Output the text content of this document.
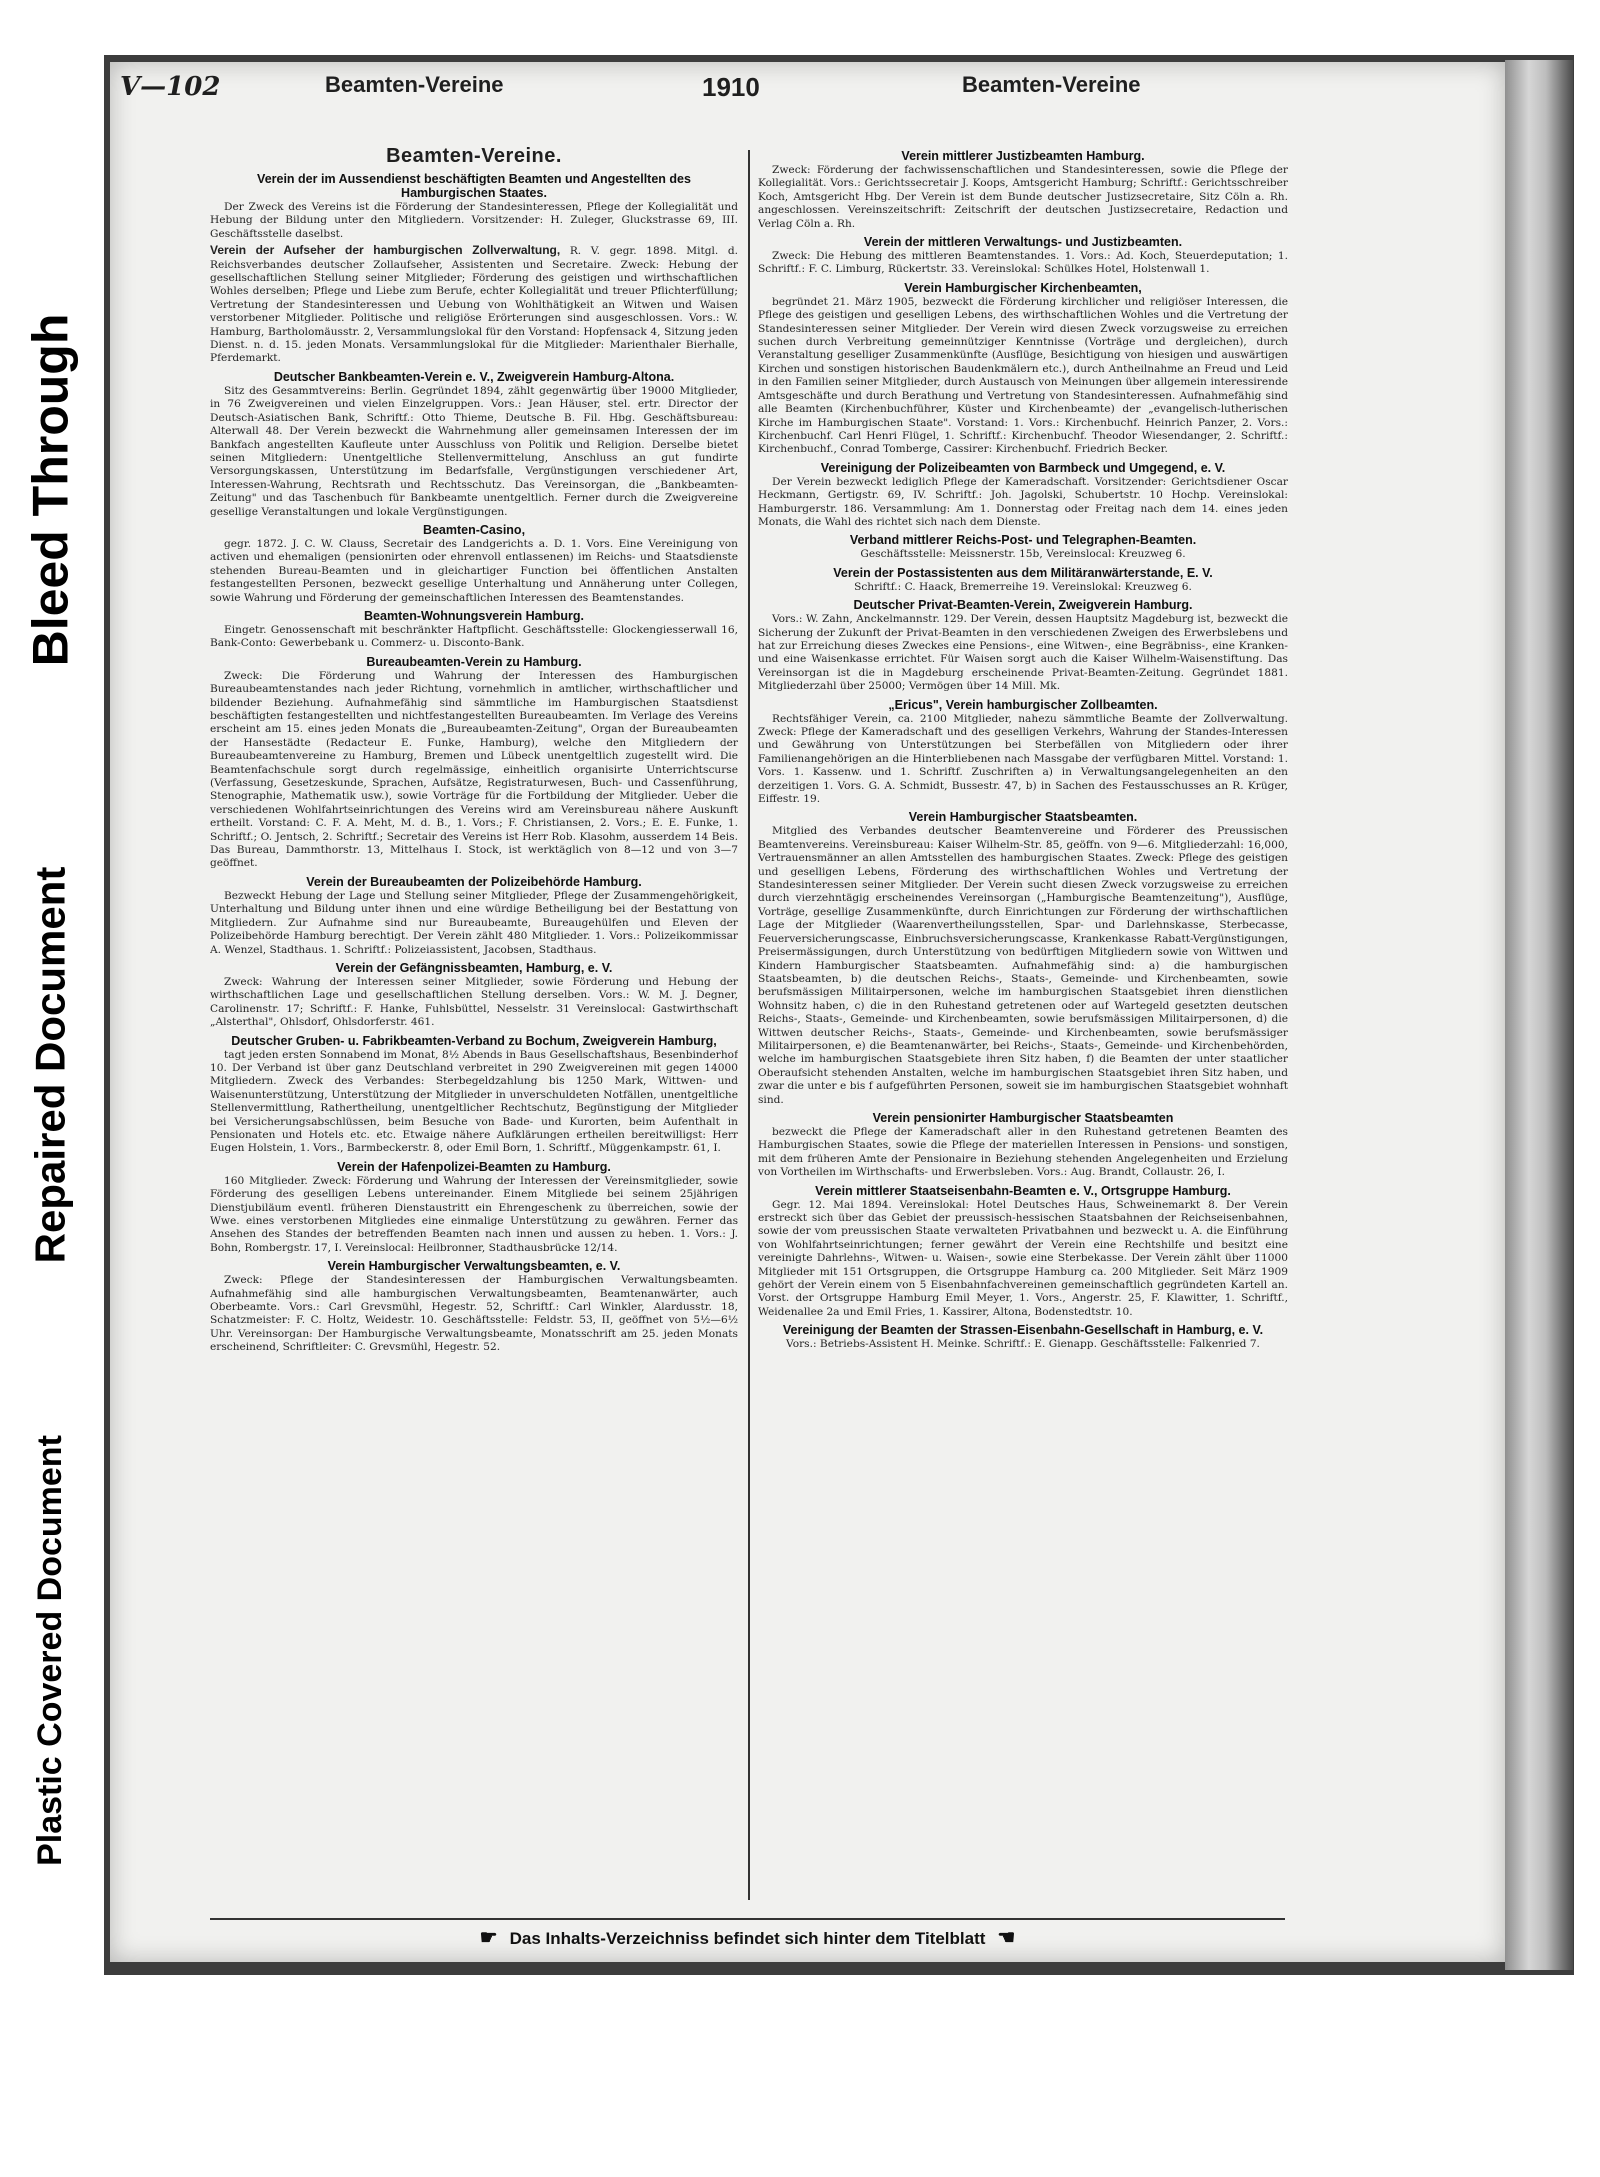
Bleed Through
Repaired Document
Plastic Covered Document
V—102	Beamten-Vereine	1910	Beamten-Vereine
Beamten-Vereine.
Verein der im Aussendienst beschäftigten Beamten und Angestellten des Hamburgischen Staates.

Der Zweck des Vereins ist die Förderung der Standesinteressen, Pflege der Kollegialität und Hebung der Bildung unter den Mitgliedern. Vorsitzender: H. Zuleger, Gluckstrasse 69, III. Geschäftsstelle daselbst.

Verein der Aufseher der hamburgischen Zollverwaltung, R. V. gegr. 1898. Mitgl. d. Reichsverbandes deutscher Zollaufseher, Assistenten und Secretaire. Zweck: Hebung der gesellschaftlichen Stellung seiner Mitglieder; Förderung des geistigen und wirthschaftlichen Wohles derselben; Pflege und Liebe zum Berufe, echter Kollegialität und treuer Pflichterfüllung; Vertretung der Standesinteressen und Uebung von Wohlthätigkeit an Witwen und Waisen verstorbener Mitglieder. Politische und religiöse Erörterungen sind ausgeschlossen. Vors.: W. Hamburg, Bartholomäusstr. 2, Versammlungslokal für den Vorstand: Hopfensack 4, Sitzung jeden Dienst. n. d. 15. jeden Monats. Versammlungslokal für die Mitglieder: Marienthaler Bierhalle, Pferdemarkt.

Deutscher Bankbeamten-Verein e. V., Zweigverein Hamburg-Altona.

Sitz des Gesammtvereins: Berlin. Gegründet 1894, zählt gegenwärtig über 19000 Mitglieder, in 76 Zweigvereinen und vielen Einzelgruppen. Vors.: Jean Häuser, stel. ertr. Director der Deutsch-Asiatischen Bank, Schriftf.: Otto Thieme, Deutsche B. Fil. Hbg. Geschäftsbureau: Alterwall 48. Der Verein bezweckt die Wahrnehmung aller gemeinsamen Interessen der im Bankfach angestellten Kaufleute unter Ausschluss von Politik und Religion. Derselbe bietet seinen Mitgliedern: Unentgeltliche Stellenvermittelung, Anschluss an gut fundirte Versorgungskassen, Unterstützung im Bedarfsfalle, Vergünstigungen verschiedener Art, Interessen-Wahrung, Rechtsrath und Rechtsschutz. Das Vereinsorgan, die „Bankbeamten-Zeitung" und das Taschenbuch für Bankbeamte unentgeltlich. Ferner durch die Zweigvereine gesellige Veranstaltungen und lokale Vergünstigungen.

Beamten-Casino,

gegr. 1872. J. C. W. Clauss, Secretair des Landgerichts a. D. 1. Vors. Eine Vereinigung von activen und ehemaligen (pensionirten oder ehrenvoll entlassenen) im Reichs- und Staatsdienste stehenden Bureau-Beamten und in gleichartiger Function bei öffentlichen Anstalten festangestellten Personen, bezweckt gesellige Unterhaltung und Annäherung unter Collegen, sowie Wahrung und Förderung der gemeinschaftlichen Interessen des Beamtenstandes.

Beamten-Wohnungsverein Hamburg.

Eingetr. Genossenschaft mit beschränkter Haftpflicht. Geschäftsstelle: Glockengiesserwall 16, Bank-Conto: Gewerbebank u. Commerz- u. Disconto-Bank.

Bureaubeamten-Verein zu Hamburg.

Zweck: Die Förderung und Wahrung der Interessen des Hamburgischen Bureaubeamtenstandes nach jeder Richtung, vornehmlich in amtlicher, wirthschaftlicher und bildender Beziehung. Aufnahmefähig sind sämmtliche im Hamburgischen Staatsdienst beschäftigten festangestellten und nichtfestangestellten Bureaubeamten. Im Verlage des Vereins erscheint am 15. eines jeden Monats die „Bureaubeamten-Zeitung", Organ der Bureaubeamten der Hansestädte (Redacteur E. Funke, Hamburg), welche den Mitgliedern der Bureaubeamtenvereine zu Hamburg, Bremen und Lübeck unentgeltlich zugestellt wird. Die Beamtenfachschule sorgt durch regelmässige, einheitlich organisirte Unterrichtscurse (Verfassung, Gesetzeskunde, Sprachen, Aufsätze, Registraturwesen, Buch- und Cassenführung, Stenographie, Mathematik usw.), sowie Vorträge für die Fortbildung der Mitglieder. Ueber die verschiedenen Wohlfahrtseinrichtungen des Vereins wird am Vereinsbureau nähere Auskunft ertheilt. Vorstand: C. F. A. Meht, M. d. B., 1. Vors.; F. Christiansen, 2. Vors.; E. E. Funke, 1. Schriftf.; O. Jentsch, 2. Schriftf.; Secretair des Vereins ist Herr Rob. Klasohm, ausserdem 14 Beis. Das Bureau, Dammthorstr. 13, Mittelhaus I. Stock, ist werktäglich von 8—12 und von 3—7 geöffnet.

Verein der Bureaubeamten der Polizeibehörde Hamburg.

Bezweckt Hebung der Lage und Stellung seiner Mitglieder, Pflege der Zusammengehörigkeit, Unterhaltung und Bildung unter ihnen und eine würdige Betheiligung bei der Bestattung von Mitgliedern. Zur Aufnahme sind nur Bureaubeamte, Bureaugehülfen und Eleven der Polizeibehörde Hamburg berechtigt. Der Verein zählt 480 Mitglieder. 1. Vors.: Polizeikommissar A. Wenzel, Stadthaus. 1. Schriftf.: Polizeiassistent, Jacobsen, Stadthaus.

Verein der Gefängnissbeamten, Hamburg, e. V.

Zweck: Wahrung der Interessen seiner Mitglieder, sowie Förderung und Hebung der wirthschaftlichen Lage und gesellschaftlichen Stellung derselben. Vors.: W. M. J. Degner, Carolinenstr. 17; Schriftf.: F. Hanke, Fuhlsbüttel, Nesselstr. 31 Vereinslocal: Gastwirthschaft „Alsterthal", Ohlsdorf, Ohlsdorferstr. 461.

Deutscher Gruben- u. Fabrikbeamten-Verband zu Bochum, Zweigverein Hamburg,

tagt jeden ersten Sonnabend im Monat, 8½ Abends in Baus Gesellschaftshaus, Besenbinderhof 10. Der Verband ist über ganz Deutschland verbreitet in 290 Zweigvereinen mit gegen 14000 Mitgliedern. Zweck des Verbandes: Sterbegeldzahlung bis 1250 Mark, Wittwen- und Waisenunterstützung, Unterstützung der Mitglieder in unverschuldeten Notfällen, unentgeltliche Stellenvermittlung, Rathertheilung, unentgeltlicher Rechtschutz, Begünstigung der Mitglieder bei Versicherungsabschlüssen, beim Besuche von Bade- und Kurorten, beim Aufenthalt in Pensionaten und Hotels etc. etc. Etwaige nähere Aufklärungen ertheilen bereitwilligst: Herr Eugen Holstein, 1. Vors., Barmbeckerstr. 8, oder Emil Born, 1. Schriftf., Müggenkampstr. 61, I.

Verein der Hafenpolizei-Beamten zu Hamburg.

160 Mitglieder. Zweck: Förderung und Wahrung der Interessen der Vereinsmitglieder, sowie Förderung des geselligen Lebens untereinander. Einem Mitgliede bei seinem 25jährigen Dienstjubiläum eventl. früheren Dienstaustritt ein Ehrengeschenk zu überreichen, sowie der Wwe. eines verstorbenen Mitgliedes eine einmalige Unterstützung zu gewähren. Ferner das Ansehen des Standes der betreffenden Beamten nach innen und aussen zu heben. 1. Vors.: J. Bohn, Rombergstr. 17, I. Vereinslocal: Heilbronner, Stadthausbrücke 12/14.

Verein Hamburgischer Verwaltungsbeamten, e. V.

Zweck: Pflege der Standesinteressen der Hamburgischen Verwaltungsbeamten. Aufnahmefähig sind alle hamburgischen Verwaltungsbeamten, Beamtenanwärter, auch Oberbeamte. Vors.: Carl Grevsmühl, Hegestr. 52, Schriftf.: Carl Winkler, Alardusstr. 18, Schatzmeister: F. C. Holtz, Weidestr. 10. Geschäftsstelle: Feldstr. 53, II, geöffnet von 5½—6½ Uhr. Vereinsorgan: Der Hamburgische Verwaltungsbeamte, Monatsschrift am 25. jeden Monats erscheinend, Schriftleiter: C. Grevsmühl, Hegestr. 52.

Verein mittlerer Justizbeamten Hamburg.

Zweck: Förderung der fachwissenschaftlichen und Standesinteressen, sowie die Pflege der Kollegialität. Vors.: Gerichtssecretair J. Koops, Amtsgericht Hamburg; Schriftf.: Gerichtsschreiber Koch, Amtsgericht Hbg. Der Verein ist dem Bunde deutscher Justizsecretaire, Sitz Cöln a. Rh. angeschlossen. Vereinszeitschrift: Zeitschrift der deutschen Justizsecretaire, Redaction und Verlag Cöln a. Rh.

Verein der mittleren Verwaltungs- und Justizbeamten.

Zweck: Die Hebung des mittleren Beamtenstandes. 1. Vors.: Ad. Koch, Steuerdeputation; 1. Schriftf.: F. C. Limburg, Rückertstr. 33. Vereinslokal: Schülkes Hotel, Holstenwall 1.

Verein Hamburgischer Kirchenbeamten,

begründet 21. März 1905, bezweckt die Förderung kirchlicher und religiöser Interessen, die Pflege des geistigen und geselligen Lebens, des wirthschaftlichen Wohles und die Vertretung der Standesinteressen seiner Mitglieder. Der Verein wird diesen Zweck vorzugsweise zu erreichen suchen durch Verbreitung gemeinnütziger Kenntnisse (Vorträge und dergleichen), durch Veranstaltung geselliger Zusammenkünfte (Ausflüge, Besichtigung von hiesigen und auswärtigen Kirchen und sonstigen historischen Baudenkmälern etc.), durch Antheilnahme an Freud und Leid in den Familien seiner Mitglieder, durch Austausch von Meinungen über allgemein interessirende Amtsgeschäfte und durch Berathung und Vertretung von Standesinteressen. Aufnahmefähig sind alle Beamten (Kirchenbuchführer, Küster und Kirchenbeamte) der „evangelisch-lutherischen Kirche im Hamburgischen Staate". Vorstand: 1. Vors.: Kirchenbuchf. Heinrich Panzer, 2. Vors.: Kirchenbuchf. Carl Henri Flügel, 1. Schriftf.: Kirchenbuchf. Theodor Wiesendanger, 2. Schriftf.: Kirchenbuchf., Conrad Tomberge, Cassirer: Kirchenbuchf. Friedrich Becker.

Vereinigung der Polizeibeamten von Barmbeck und Umgegend, e. V.

Der Verein bezweckt lediglich Pflege der Kameradschaft. Vorsitzender: Gerichtsdiener Oscar Heckmann, Gertigstr. 69, IV. Schriftf.: Joh. Jagolski, Schubertstr. 10 Hochp. Vereinslokal: Hamburgerstr. 186. Versammlung: Am 1. Donnerstag oder Freitag nach dem 14. eines jeden Monats, die Wahl des richtet sich nach dem Dienste.

Verband mittlerer Reichs-Post- und Telegraphen-Beamten.

Geschäftsstelle: Meissnerstr. 15b, Vereinslocal: Kreuzweg 6.

Verein der Postassistenten aus dem Militäranwärterstande, E. V.

Schriftf.: C. Haack, Bremerreihe 19. Vereinslokal: Kreuzweg 6.

Deutscher Privat-Beamten-Verein, Zweigverein Hamburg.

Vors.: W. Zahn, Anckelmannstr. 129. Der Verein, dessen Hauptsitz Magdeburg ist, bezweckt die Sicherung der Zukunft der Privat-Beamten in den verschiedenen Zweigen des Erwerbslebens und hat zur Erreichung dieses Zweckes eine Pensions-, eine Witwen-, eine Begräbniss-, eine Kranken- und eine Waisenkasse errichtet. Für Waisen sorgt auch die Kaiser Wilhelm-Waisenstiftung. Das Vereinsorgan ist die in Magdeburg erscheinende Privat-Beamten-Zeitung. Gegründet 1881. Mitgliederzahl über 25000; Vermögen über 14 Mill. Mk.

„Ericus", Verein hamburgischer Zollbeamten.

Rechtsfähiger Verein, ca. 2100 Mitglieder, nahezu sämmtliche Beamte der Zollverwaltung. Zweck: Pflege der Kameradschaft und des geselligen Verkehrs, Wahrung der Standes-Interessen und Gewährung von Unterstützungen bei Sterbefällen von Mitgliedern oder ihrer Familienangehörigen an die Hinterbliebenen nach Massgabe der verfügbaren Mittel. Vorstand: 1. Vors. 1. Kassenw. und 1. Schriftf. Zuschriften a) in Verwaltungsangelegenheiten an den derzeitigen 1. Vors. G. A. Schmidt, Bussestr. 47, b) in Sachen des Festausschusses an R. Krüger, Eiffestr. 19.

Verein Hamburgischer Staatsbeamten.

Mitglied des Verbandes deutscher Beamtenvereine und Förderer des Preussischen Beamtenvereins. Vereinsbureau: Kaiser Wilhelm-Str. 85, geöffn. von 9—6. Mitgliederzahl: 16,000, Vertrauensmänner an allen Amtsstellen des hamburgischen Staates. Zweck: Pflege des geistigen und geselligen Lebens, Förderung des wirthschaftlichen Wohles und Vertretung der Standesinteressen seiner Mitglieder. Der Verein sucht diesen Zweck vorzugsweise zu erreichen durch vierzehntägig erscheinendes Vereinsorgan („Hamburgische Beamtenzeitung"), Ausflüge, Vorträge, gesellige Zusammenkünfte, durch Einrichtungen zur Förderung der wirthschaftlichen Lage der Mitglieder (Waarenvertheilungsstellen, Spar- und Darlehnskasse, Sterbecasse, Feuerversicherungscasse, Einbruchsversicherungscasse, Krankenkasse Rabatt-Vergünstigungen, Preisermässigungen, durch Unterstützung von bedürftigen Mitgliedern sowie von Wittwen und Kindern Hamburgischer Staatsbeamten. Aufnahmefähig sind: a) die hamburgischen Staatsbeamten, b) die deutschen Reichs-, Staats-, Gemeinde- und Kirchenbeamten, sowie berufsmässigen Militairpersonen, welche im hamburgischen Staatsgebiet ihren dienstlichen Wohnsitz haben, c) die in den Ruhestand getretenen oder auf Wartegeld gesetzten deutschen Reichs-, Staats-, Gemeinde- und Kirchenbeamten, sowie berufsmässigen Militairpersonen, d) die Wittwen deutscher Reichs-, Staats-, Gemeinde- und Kirchenbeamten, sowie berufsmässiger Militairpersonen, e) die Beamtenanwärter, bei Reichs-, Staats-, Gemeinde- und Kirchenbehörden, welche im hamburgischen Staatsgebiete ihren Sitz haben, f) die Beamten der unter staatlicher Oberaufsicht stehenden Anstalten, welche im hamburgischen Staatsgebiet ihren Sitz haben, und zwar die unter e bis f aufgeführten Personen, soweit sie im hamburgischen Staatsgebiet wohnhaft sind.

Verein pensionirter Hamburgischer Staatsbeamten

bezweckt die Pflege der Kameradschaft aller in den Ruhestand getretenen Beamten des Hamburgischen Staates, sowie die Pflege der materiellen Interessen in Pensions- und sonstigen, mit dem früheren Amte der Pensionaire in Beziehung stehenden Angelegenheiten und Erzielung von Vortheilen im Wirthschafts- und Erwerbsleben. Vors.: Aug. Brandt, Collaustr. 26, I.

Verein mittlerer Staatseisenbahn-Beamten e. V., Ortsgruppe Hamburg.

Gegr. 12. Mai 1894. Vereinslokal: Hotel Deutsches Haus, Schweinemarkt 8. Der Verein erstreckt sich über das Gebiet der preussisch-hessischen Staatsbahnen der Reichseisenbahnen, sowie der vom preussischen Staate verwalteten Privatbahnen und bezweckt u. A. die Einführung von Wohlfahrtseinrichtungen; ferner gewährt der Verein eine Rechtshilfe und besitzt eine vereinigte Dahrlehns-, Witwen- u. Waisen-, sowie eine Sterbekasse. Der Verein zählt über 11000 Mitglieder mit 151 Ortsgruppen, die Ortsgruppe Hamburg ca. 200 Mitglieder. Seit März 1909 gehört der Verein einem von 5 Eisenbahnfachvereinen gemeinschaftlich gegründeten Kartell an. Vorst. der Ortsgruppe Hamburg Emil Meyer, 1. Vors., Angerstr. 25, F. Klawitter, 1. Schriftf., Weidenallee 2a und Emil Fries, 1. Kassirer, Altona, Bodenstedtstr. 10.

Vereinigung der Beamten der Strassen-Eisenbahn-Gesellschaft in Hamburg, e. V.

Vors.: Betriebs-Assistent H. Meinke. Schriftf.: E. Gienapp. Geschäftsstelle: Falkenried 7.

☛ Das Inhalts-Verzeichniss befindet sich hinter dem Titelblatt ☚
